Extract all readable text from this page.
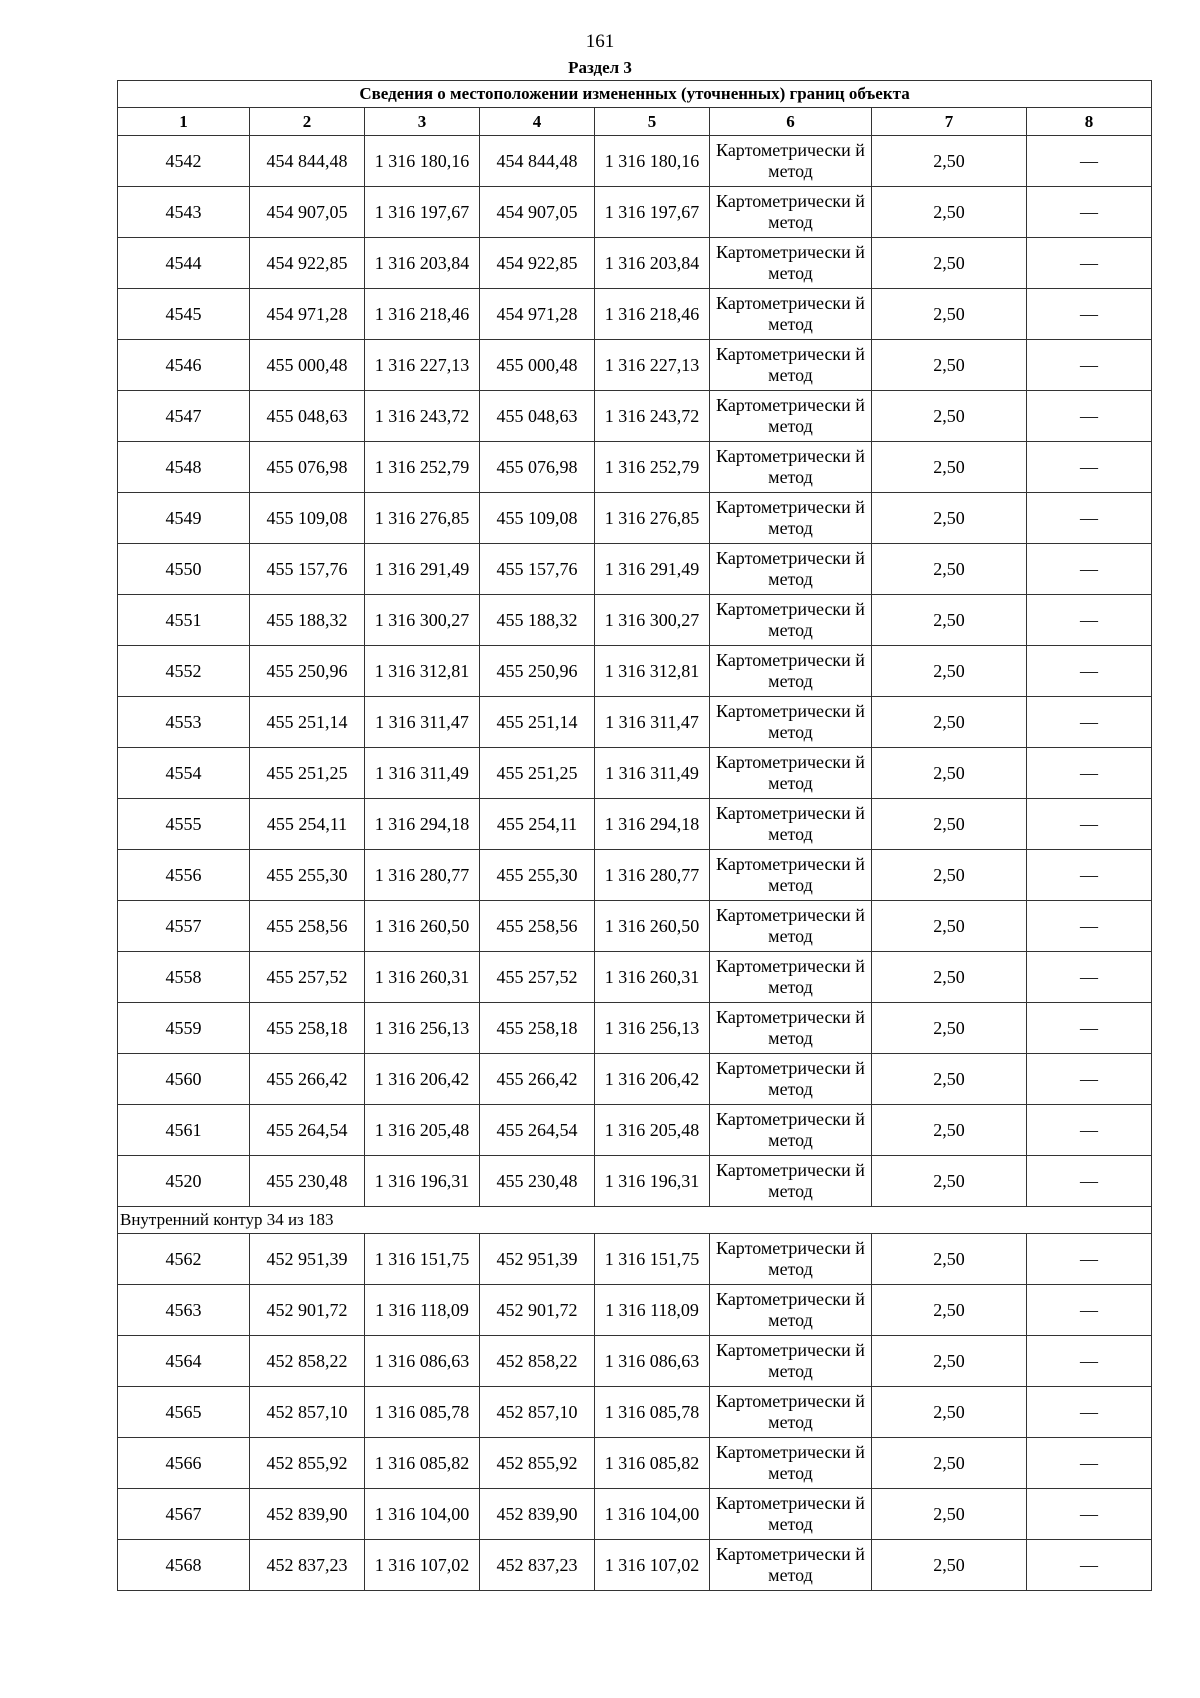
161
Раздел 3
Сведения о местоположении измененных (уточненных) границ объекта							
1	2	3	4	5	6	7	8
4542	454 844,48	1 316 180,16	454 844,48	1 316 180,16	Картометрически й метод	2,50	—
4543	454 907,05	1 316 197,67	454 907,05	1 316 197,67	Картометрически й метод	2,50	—
4544	454 922,85	1 316 203,84	454 922,85	1 316 203,84	Картометрически й метод	2,50	—
4545	454 971,28	1 316 218,46	454 971,28	1 316 218,46	Картометрически й метод	2,50	—
4546	455 000,48	1 316 227,13	455 000,48	1 316 227,13	Картометрически й метод	2,50	—
4547	455 048,63	1 316 243,72	455 048,63	1 316 243,72	Картометрически й метод	2,50	—
4548	455 076,98	1 316 252,79	455 076,98	1 316 252,79	Картометрически й метод	2,50	—
4549	455 109,08	1 316 276,85	455 109,08	1 316 276,85	Картометрически й метод	2,50	—
4550	455 157,76	1 316 291,49	455 157,76	1 316 291,49	Картометрически й метод	2,50	—
4551	455 188,32	1 316 300,27	455 188,32	1 316 300,27	Картометрически й метод	2,50	—
4552	455 250,96	1 316 312,81	455 250,96	1 316 312,81	Картометрически й метод	2,50	—
4553	455 251,14	1 316 311,47	455 251,14	1 316 311,47	Картометрически й метод	2,50	—
4554	455 251,25	1 316 311,49	455 251,25	1 316 311,49	Картометрически й метод	2,50	—
4555	455 254,11	1 316 294,18	455 254,11	1 316 294,18	Картометрически й метод	2,50	—
4556	455 255,30	1 316 280,77	455 255,30	1 316 280,77	Картометрически й метод	2,50	—
4557	455 258,56	1 316 260,50	455 258,56	1 316 260,50	Картометрически й метод	2,50	—
4558	455 257,52	1 316 260,31	455 257,52	1 316 260,31	Картометрически й метод	2,50	—
4559	455 258,18	1 316 256,13	455 258,18	1 316 256,13	Картометрически й метод	2,50	—
4560	455 266,42	1 316 206,42	455 266,42	1 316 206,42	Картометрически й метод	2,50	—
4561	455 264,54	1 316 205,48	455 264,54	1 316 205,48	Картометрически й метод	2,50	—
4520	455 230,48	1 316 196,31	455 230,48	1 316 196,31	Картометрически й метод	2,50	—
Внутренний контур 34 из 183							
4562	452 951,39	1 316 151,75	452 951,39	1 316 151,75	Картометрически й метод	2,50	—
4563	452 901,72	1 316 118,09	452 901,72	1 316 118,09	Картометрически й метод	2,50	—
4564	452 858,22	1 316 086,63	452 858,22	1 316 086,63	Картометрически й метод	2,50	—
4565	452 857,10	1 316 085,78	452 857,10	1 316 085,78	Картометрически й метод	2,50	—
4566	452 855,92	1 316 085,82	452 855,92	1 316 085,82	Картометрически й метод	2,50	—
4567	452 839,90	1 316 104,00	452 839,90	1 316 104,00	Картометрически й метод	2,50	—
4568	452 837,23	1 316 107,02	452 837,23	1 316 107,02	Картометрически й метод	2,50	—
